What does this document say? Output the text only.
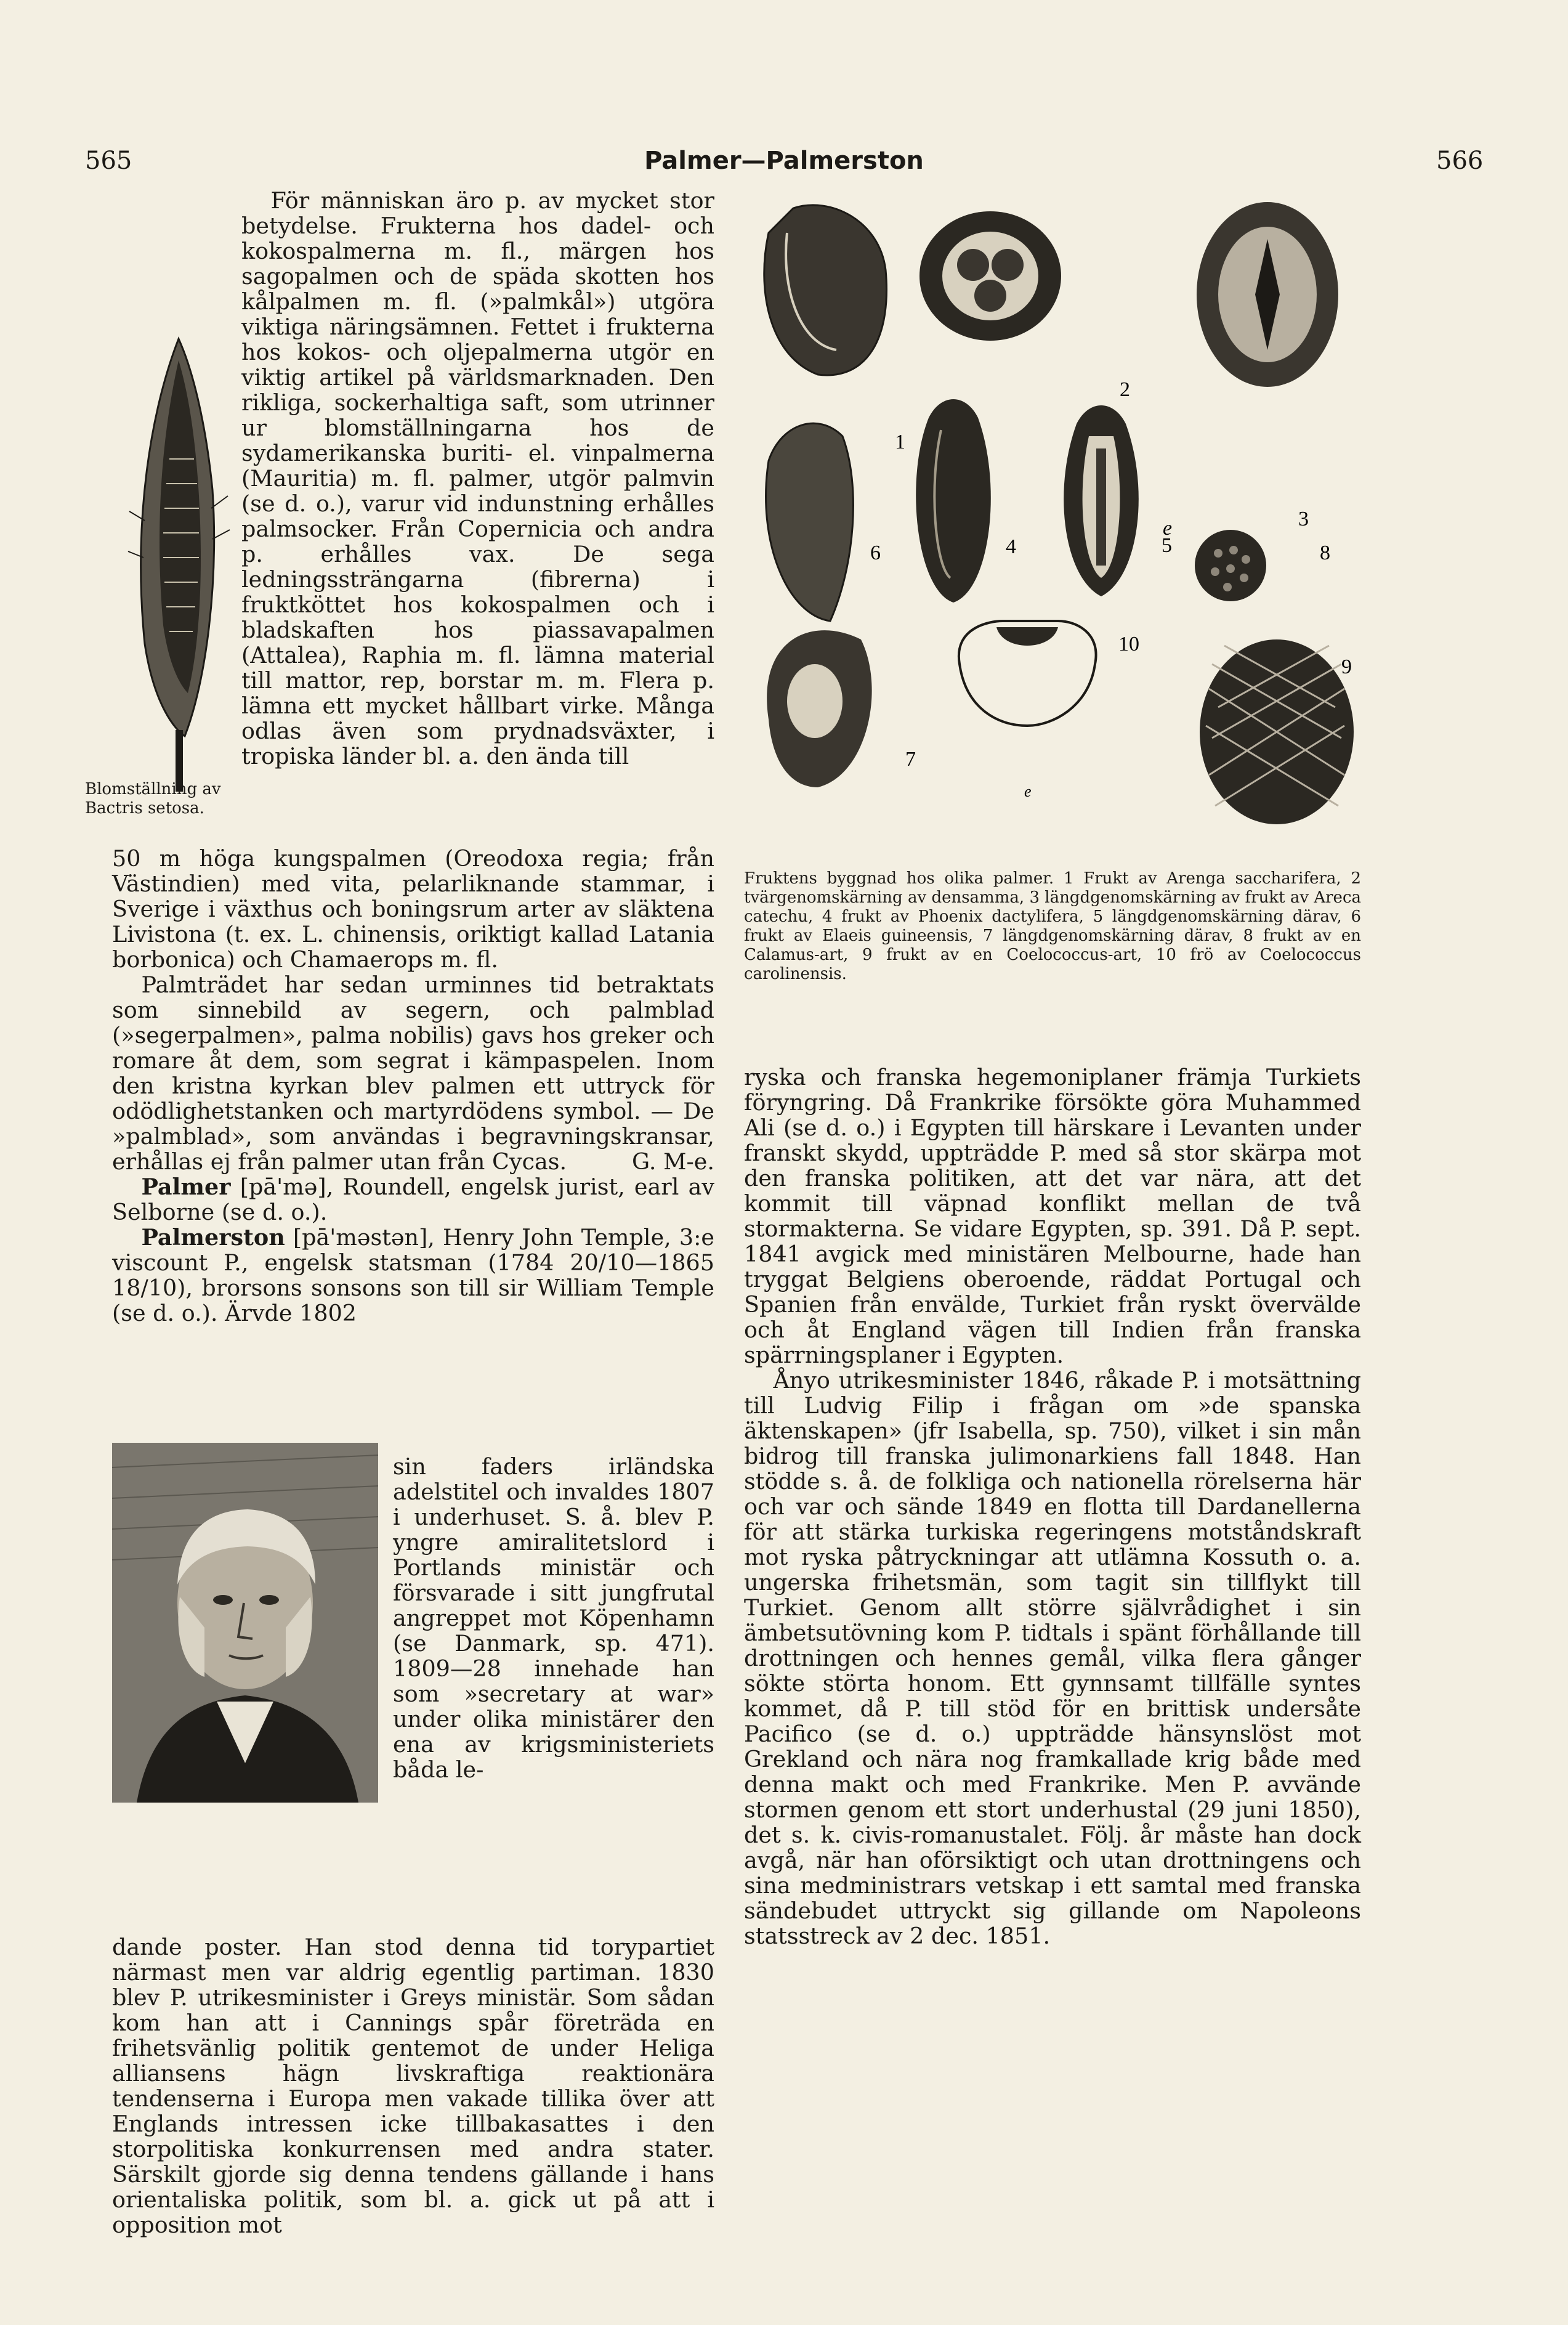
565	Palmer—Palmerston	566
Blomställning av Bactris setosa.

För människan äro p. av mycket stor betydelse. Frukterna hos dadel- och kokospalmerna m. fl., märgen hos sagopalmen och de späda skotten hos kålpalmen m. fl. (»palmkål») utgöra viktiga näringsämnen. Fettet i frukterna hos kokos- och oljepalmerna utgör en viktig artikel på världsmarknaden. Den rikliga, sockerhaltiga saft, som utrinner ur blomställningarna hos de sydamerikanska buriti- el. vinpalmerna (Mauritia) m. fl. palmer, utgör palmvin (se d. o.), varur vid indunstning erhålles palmsocker. Från Copernicia och andra p. erhålles vax. De sega ledningssträngarna (fibrerna) i fruktköttet hos kokospalmen och i bladskaften hos piassavapalmen (Attalea), Raphia m. fl. lämna material till mattor, rep, borstar m. m. Flera p. lämna ett mycket hållbart virke. Många odlas även som prydnadsväxter, i tropiska länder bl. a. den ända till

50 m höga kungspalmen (Oreodoxa regia; från Västindien) med vita, pelarliknande stammar, i Sverige i växthus och boningsrum arter av släktena Livistona (t. ex. L. chinensis, oriktigt kallad Latania borbonica) och Chamaerops m. fl.

Palmträdet har sedan urminnes tid betraktats som sinnebild av segern, och palmblad (»segerpalmen», palma nobilis) gavs hos greker och romare åt dem, som segrat i kämpaspelen. Inom den kristna kyrkan blev palmen ett uttryck för odödlighetstanken och martyrdödens symbol. — De »palmblad», som användas i begravningskransar, erhållas ej från palmer utan från Cycas.	G. M-e.

Palmer [pā'mə], Roundell, engelsk jurist, earl av Selborne (se d. o.).

Palmerston [pā'məstən], Henry John Temple, 3:e viscount P., engelsk statsman (1784 20/10—1865 18/10), brorsons sonsons son till sir William Temple (se d. o.). Ärvde 1802

sin faders irländska adelstitel och invaldes 1807 i underhuset. S. å. blev P. yngre amiralitetslord i Portlands ministär och försvarade i sitt jungfrutal angreppet mot Köpenhamn (se Danmark, sp. 471). 1809—28 innehade han som »secretary at war» under olika ministärer den ena av krigsministeriets båda le-

dande poster. Han stod denna tid torypartiet närmast men var aldrig egentlig partiman. 1830 blev P. utrikesminister i Greys ministär. Som sådan kom han att i Cannings spår företräda en frihetsvänlig politik gentemot de under Heliga alliansens hägn livskraftiga reaktionära tendenserna i Europa men vakade tillika över att Englands intressen icke tillbakasattes i den storpolitiska konkurrensen med andra stater. Särskilt gjorde sig denna tendens gällande i hans orientaliska politik, som bl. a. gick ut på att i opposition mot

1
2
3
4	5
6
7
8
9
10
e
e
Fruktens byggnad hos olika palmer. 1 Frukt av Arenga saccharifera, 2 tvärgenomskärning av densamma, 3 längdgenomskärning av frukt av Areca catechu, 4 frukt av Phoenix dactylifera, 5 längdgenomskärning därav, 6 frukt av Elaeis guineensis, 7 längdgenomskärning därav, 8 frukt av en Calamus-art, 9 frukt av en Coelococcus-art, 10 frö av Coelococcus carolinensis.

ryska och franska hegemoniplaner främja Turkiets föryngring. Då Frankrike försökte göra Muhammed Ali (se d. o.) i Egypten till härskare i Levanten under franskt skydd, uppträdde P. med så stor skärpa mot den franska politiken, att det var nära, att det kommit till väpnad konflikt mellan de två stormakterna. Se vidare Egypten, sp. 391. Då P. sept. 1841 avgick med ministären Melbourne, hade han tryggat Belgiens oberoende, räddat Portugal och Spanien från envälde, Turkiet från ryskt övervälde och åt England vägen till Indien från franska spärrningsplaner i Egypten.

Ånyo utrikesminister 1846, råkade P. i motsättning till Ludvig Filip i frågan om »de spanska äktenskapen» (jfr Isabella, sp. 750), vilket i sin mån bidrog till franska julimonarkiens fall 1848. Han stödde s. å. de folkliga och nationella rörelserna här och var och sände 1849 en flotta till Dardanellerna för att stärka turkiska regeringens motståndskraft mot ryska påtryckningar att utlämna Kossuth o. a. ungerska frihetsmän, som tagit sin tillflykt till Turkiet. Genom allt större självrådighet i sin ämbetsutövning kom P. tidtals i spänt förhållande till drottningen och hennes gemål, vilka flera gånger sökte störta honom. Ett gynnsamt tillfälle syntes kommet, då P. till stöd för en brittisk undersåte Pacifico (se d. o.) uppträdde hänsynslöst mot Grekland och nära nog framkallade krig både med denna makt och med Frankrike. Men P. avvände stormen genom ett stort underhustal (29 juni 1850), det s. k. civis-romanustalet. Följ. år måste han dock avgå, när han oförsiktigt och utan drottningens och sina medministrars vetskap i ett samtal med franska sändebudet uttryckt sig gillande om Napoleons statsstreck av 2 dec. 1851.
